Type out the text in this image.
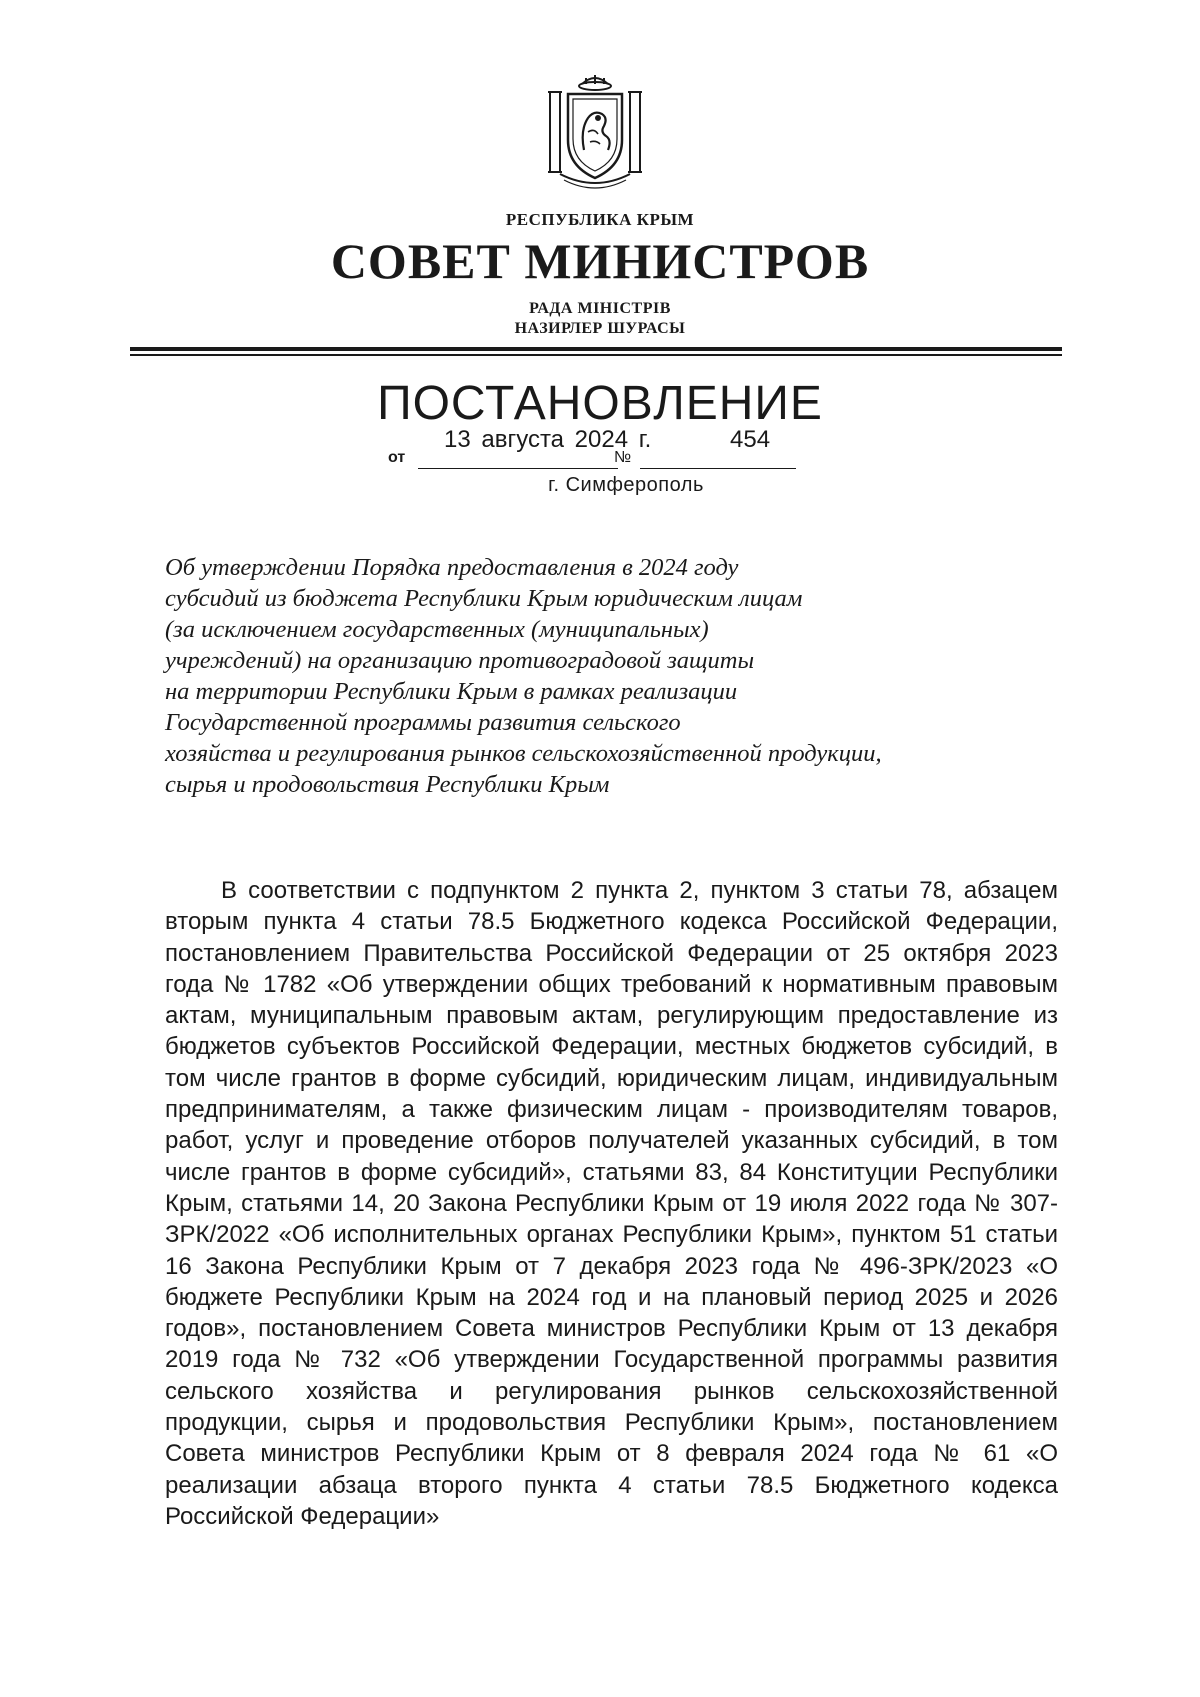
РЕСПУБЛИКА КРЫМ
СОВЕТ МИНИСТРОВ
РАДА МІНІСТРІВ
НАЗИРЛЕР ШУРАСЫ
ПОСТАНОВЛЕНИЕ
от	№
13 августа 2024 г.	454
г. Симферополь
Об утверждении Порядка предоставления в 2024 году
субсидий из бюджета Республики Крым юридическим лицам
(за исключением государственных (муниципальных)
учреждений) на организацию противоградовой защиты
на территории Республики Крым в рамках реализации
Государственной программы развития сельского
хозяйства и регулирования рынков сельскохозяйственной продукции,
сырья и продовольствия Республики Крым

В соответствии с подпунктом 2 пункта 2, пунктом 3 статьи 78, абзацем вторым пункта 4 статьи 78.5 Бюджетного кодекса Российской Федерации, постановлением Правительства Российской Федерации от 25 октября 2023 года № 1782 «Об утверждении общих требований к нормативным правовым актам, муниципальным правовым актам, регулирующим предоставление из бюджетов субъектов Российской Федерации, местных бюджетов субсидий, в том числе грантов в форме субсидий, юридическим лицам, индивидуальным предпринимателям, а также физическим лицам - производителям товаров, работ, услуг и проведение отборов получателей указанных субсидий, в том числе грантов в форме субсидий», статьями 83, 84 Конституции Республики Крым, статьями 14, 20 Закона Республики Крым от 19 июля 2022 года № 307-ЗРК/2022 «Об исполнительных органах Республики Крым», пунктом 51 статьи 16 Закона Республики Крым от 7 декабря 2023 года № 496-ЗРК/2023 «О бюджете Республики Крым на 2024 год и на плановый период 2025 и 2026 годов», постановлением Совета министров Республики Крым от 13 декабря 2019 года № 732 «Об утверждении Государственной программы развития сельского хозяйства и регулирования рынков сельскохозяйственной продукции, сырья и продовольствия Республики Крым», постановлением Совета министров Республики Крым от 8 февраля 2024 года № 61 «О реализации абзаца второго пункта 4 статьи 78.5 Бюджетного кодекса Российской Федерации»
